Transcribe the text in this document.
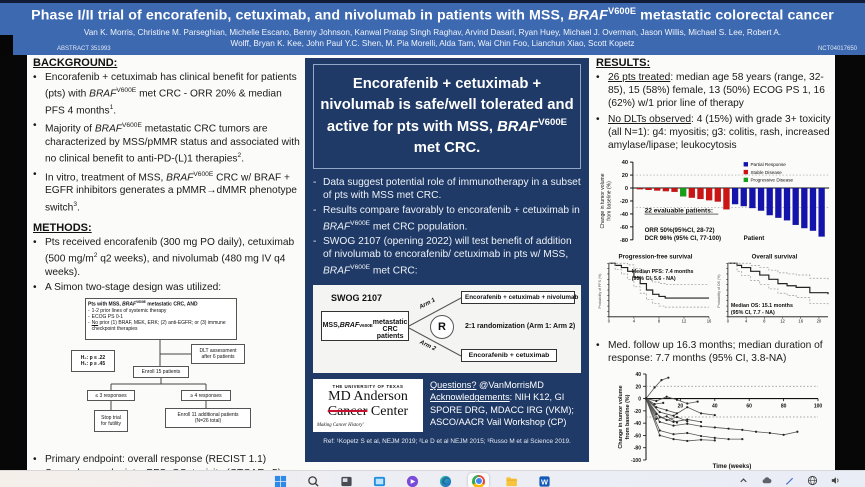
Phase I/II trial of encorafenib, cetuximab, and nivolumab in patients with MSS, $BRAF^{V600E}$ metastatic colorectal cancer
Van K. Morris, Christine M. Parseghian, Michelle Escano, Benny Johnson, Kanwal Pratap Singh Raghav, Arvind Dasari, Ryan Huey, Michael J. Overman, Jason Willis, Michael S. Lee, Robert A.
Wolff, Bryan K. Kee, John Paul Y.C. Shen, M. Pia Morelli, Alda Tam, Wai Chin Foo, Lianchun Xiao, Scott Kopetz
ABSTRACT 351993	NCT04017650
BACKGROUND:
• Encorafenib + cetuximab has clinical benefit for patients (pts) with $BRAF^{V600E}$ met CRC - ORR 20% & median PFS 4 months$^1$.
• Majority of $BRAF^{V600E}$ metastatic CRC tumors are characterized by MSS/pMMR status and associated with no clinical benefit to anti-PD-(L)1 therapies$^2$.
• In vitro, treatment of MSS, $BRAF^{V600E}$ CRC w/ BRAF + EGFR inhibitors generates a pMMR→dMMR phenotype switch$^3$.
METHODS:
• Pts received encorafenib (300 mg PO daily), cetuximab (500 $mg/m^2$ q2 weeks), and nivolumab (480 mg IV q4 weeks).
• A Simon two-stage design was utilized:
Pts with MSS, $BRAF^{V600E}$ metastatic CRC, AND
- 1-2 prior lines of systemic therapy
- ECOG PS 0-1
- No prior (1) BRAF, MEK, ERK; (2) anti-EGFR; or (3) immune checkpoint therapies
H₀: p ≤ .22
H₁: p ≥ .45
DLT assessment
after 6 patients
Enroll 15 patients
≤ 3 responses	≥ 4 responses
Stop trial
for futility
Enroll 11 additional patients
(N=26 total)
• Primary endpoint: overall response (RECIST 1.1)

Encorafenib + cetuximab + nivolumab is safe/well tolerated and active for pts with MSS, $BRAF^{V600E}$ met CRC.
- Data suggest potential role of immunotherapy in a subset of pts with MSS met CRC.
- Results compare favorably to encorafenib + cetuximab in $BRAF^{V600E}$ met CRC population.
- SWOG 2107 (opening 2022) will test benefit of addition of nivolumab to encorafenib/ cetuximab in pts w/ MSS, $BRAF^{V600E}$ met CRC:
SWOG 2107
MSS, BRAF V600E metastatic CRC patients
R
Arm 1
Arm 2
Encorafenib + cetuximab + nivolumab
2:1 randomization (Arm 1: Arm 2)
Encorafenib + cetuximab
THE UNIVERSITY OF TEXAS
MD Anderson
Cancer Center
Making Cancer History'
Questions? @VanMorrisMD
Acknowledgements: NIH K12, GI SPORE DRG, MDACC IRG (VKM); ASCO/AACR Vail Workshop (CP)
Ref: ¹Kopetz S et al, NEJM 2019; ²Le D et al NEJM 2015; ³Russo M et al Science 2019.
RESULTS:
• 26 pts treated: median age 58 years (range, 32-85), 15 (58%) female, 13 (50%) ECOG PS 1, 16 (62%) w/1 prior line of therapy
• No DLTs observed: 4 (15%) with grade 3+ toxicity (all N=1): g4: myositis; g3: colitis, rash, increased amylase/lipase; leukocytosis
40
20
0
-20
-40
-60
-80
Partial Response
Stable Disease
Progressive Disease
22 evaluable patients:
ORR 50%(95%CI, 28-72)
DCR 96% (95% CI, 77-100)	Patient
Change in tumor volume from baseline (%)
Progression-free survival
0	4	8	12	16
Probability of PFS (%)
Median PFS: 7.4 months
(95% CI, 5.6 - NA)
Overall survival
0	4	8	12	16	20
Probability of OS (%) Median OS: 15.1 months
(95% CI, 7.7 - NA)
• Med. follow up 16.3 months; median duration of response: 7.7 months (95% CI, 3.8-NA)
40
20
0
-20
-40
-60
-80
-100
20	40	60	80	100
Time (weeks)
Change in tumor volume from baseline (%)
W
